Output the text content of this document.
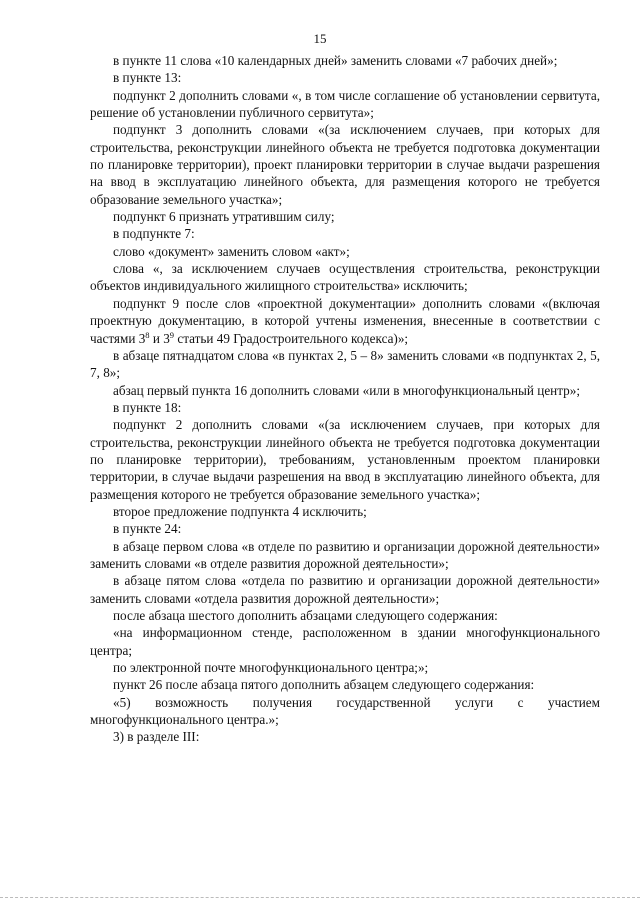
15

в пункте 11 слова «10 календарных дней» заменить словами «7 рабочих дней»;

в пункте 13:

подпункт 2 дополнить словами «, в том числе соглашение об установлении сервитута, решение об установлении публичного сервитута»;

подпункт 3 дополнить словами «(за исключением случаев, при которых для строительства, реконструкции линейного объекта не требуется подготовка документации по планировке территории), проект планировки территории в случае выдачи разрешения на ввод в эксплуатацию линейного объекта, для размещения которого не требуется образование земельного участка»;

подпункт 6 признать утратившим силу;

в подпункте 7:

слово «документ» заменить словом «акт»;

слова «, за исключением случаев осуществления строительства, реконструкции объектов индивидуального жилищного строительства» исключить;

подпункт 9 после слов «проектной документации» дополнить словами «(включая проектную документацию, в которой учтены изменения, внесенные в соответствии с частями $3^8$ и $3^9$ статьи 49 Градостроительного кодекса)»;

в абзаце пятнадцатом слова «в пунктах 2, 5 – 8» заменить словами «в подпунктах 2, 5, 7, 8»;

абзац первый пункта 16 дополнить словами «или в многофункциональный центр»;

в пункте 18:

подпункт 2 дополнить словами «(за исключением случаев, при которых для строительства, реконструкции линейного объекта не требуется подготовка документации по планировке территории), требованиям, установленным проектом планировки территории, в случае выдачи разрешения на ввод в эксплуатацию линейного объекта, для размещения которого не требуется образование земельного участка»;

второе предложение подпункта 4 исключить;

в пункте 24:

в абзаце первом слова «в отделе по развитию и организации дорожной деятельности» заменить словами «в отделе развития дорожной деятельности»;

в абзаце пятом слова «отдела по развитию и организации дорожной деятельности» заменить словами «отдела развития дорожной деятельности»;

после абзаца шестого дополнить абзацами следующего содержания:

«на информационном стенде, расположенном в здании многофункционального центра;

по электронной почте многофункционального центра;»;

пункт 26 после абзаца пятого дополнить абзацем следующего содержания:

«5) возможность получения государственной услуги с участием многофункционального центра.»;

3) в разделе III:
